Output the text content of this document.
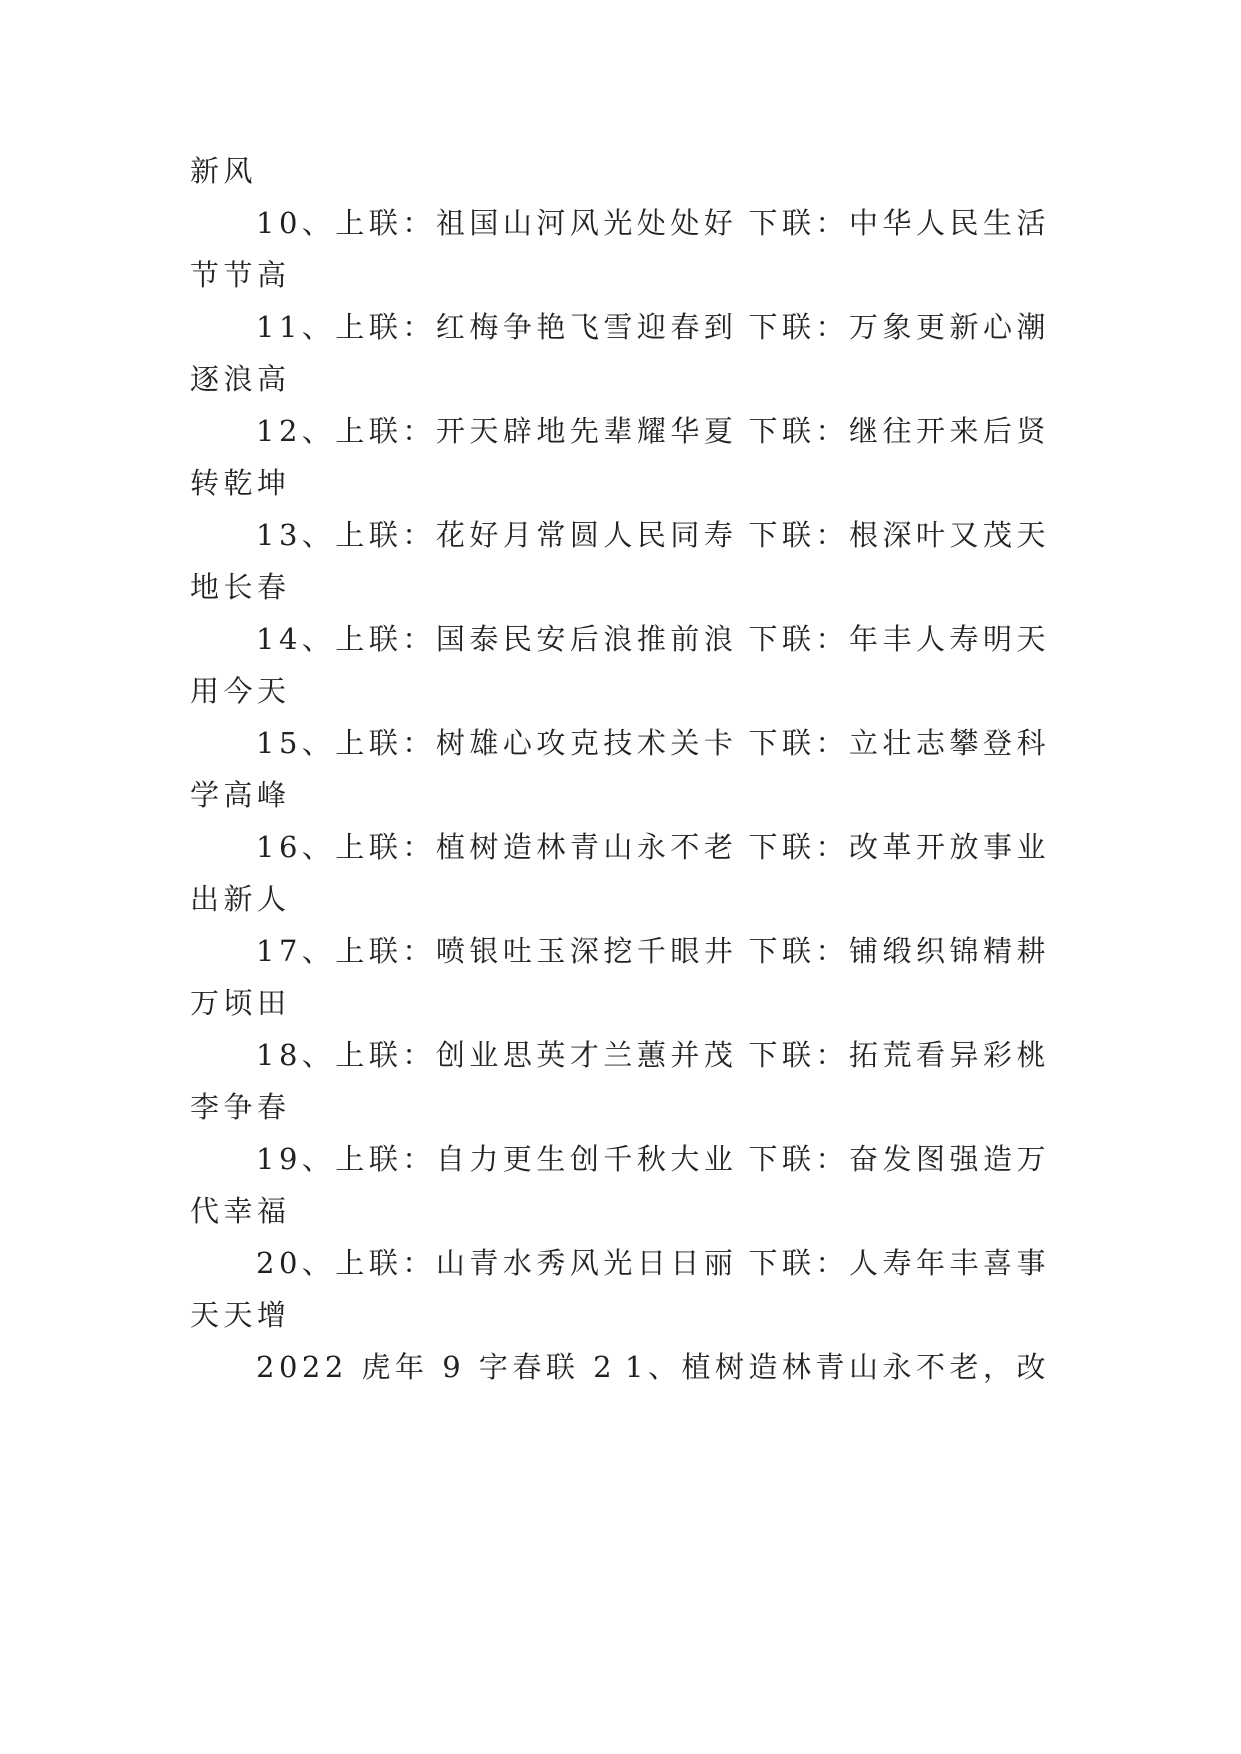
新风
10、上联：祖国山河风光处处好 下联：中华人民生活
节节高
11、上联：红梅争艳飞雪迎春到 下联：万象更新心潮
逐浪高
12、上联：开天辟地先辈耀华夏 下联：继往开来后贤
转乾坤
13、上联：花好月常圆人民同寿 下联：根深叶又茂天
地长春
14、上联：国泰民安后浪推前浪 下联：年丰人寿明天
用今天
15、上联：树雄心攻克技术关卡 下联：立壮志攀登科
学高峰
16、上联：植树造林青山永不老 下联：改革开放事业
出新人
17、上联：喷银吐玉深挖千眼井 下联：铺缎织锦精耕
万顷田
18、上联：创业思英才兰蕙并茂 下联：拓荒看异彩桃
李争春
19、上联：自力更生创千秋大业 下联：奋发图强造万
代幸福
20、上联：山青水秀风光日日丽 下联：人寿年丰喜事
天天增
2022 虎年 9 字春联 2 1、植树造林青山永不老，改
